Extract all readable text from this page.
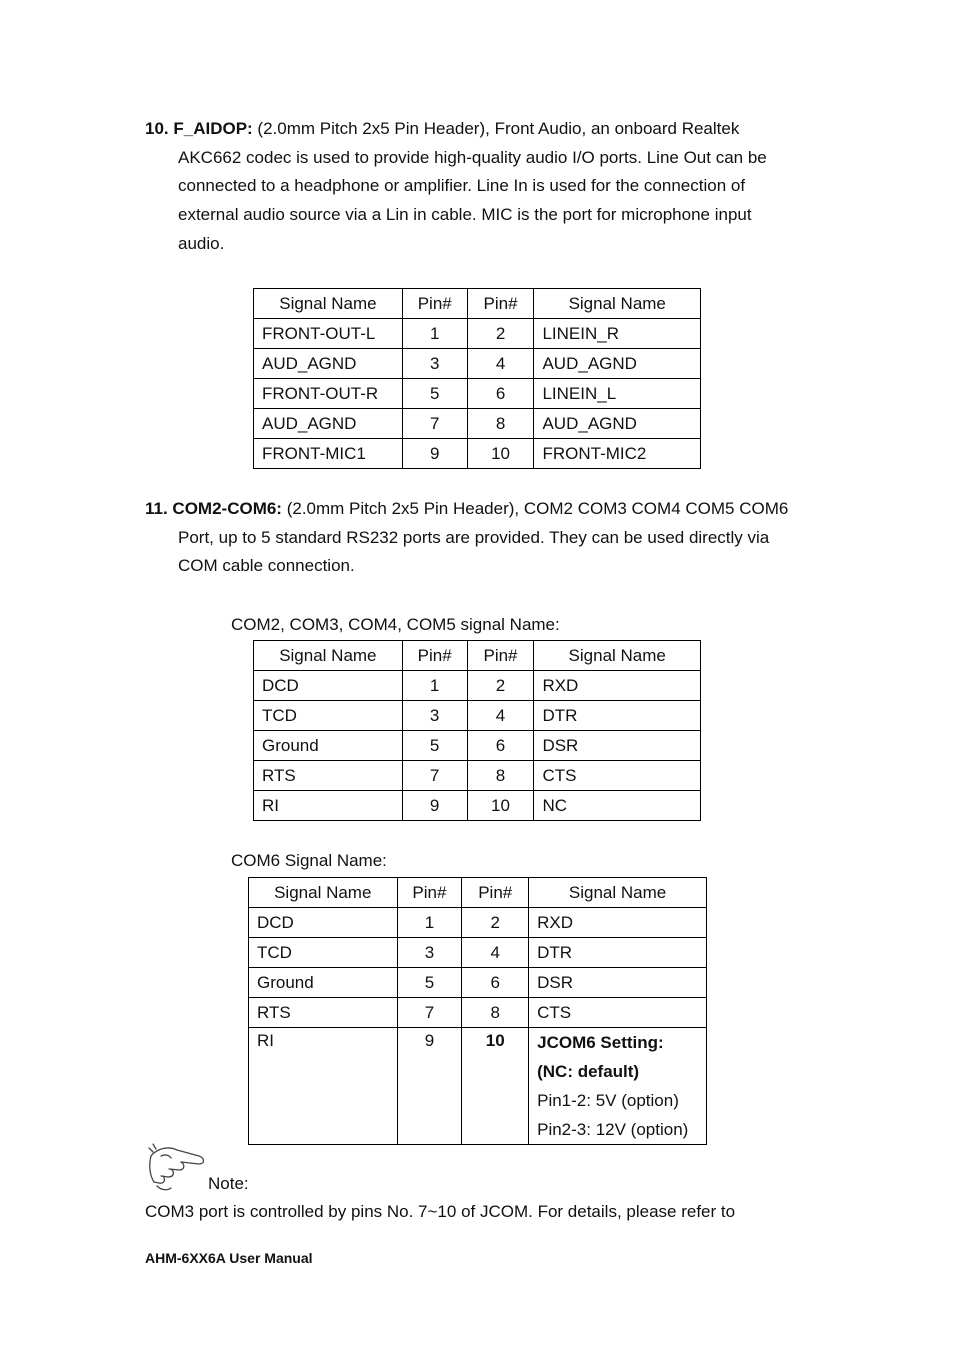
10. F_AIDOP: (2.0mm Pitch 2x5 Pin Header), Front Audio, an onboard Realtek
AKC662 codec is used to provide high-quality audio I/O ports. Line Out can be
connected to a headphone or amplifier. Line In is used for the connection of
external audio source via a Lin in cable. MIC is the port for microphone input
audio.
Signal Name	Pin#	Pin#	Signal Name
FRONT-OUT-L	1	2	LINEIN_R
AUD_AGND	3	4	AUD_AGND
FRONT-OUT-R	5	6	LINEIN_L
AUD_AGND	7	8	AUD_AGND
FRONT-MIC1	9	10	FRONT-MIC2
11. COM2-COM6: (2.0mm Pitch 2x5 Pin Header), COM2 COM3 COM4 COM5 COM6
Port, up to 5 standard RS232 ports are provided. They can be used directly via
COM cable connection.
COM2, COM3, COM4, COM5 signal Name:
Signal Name	Pin#	Pin#	Signal Name
DCD	1	2	RXD
TCD	3	4	DTR
Ground	5	6	DSR
RTS	7	8	CTS
RI	9	10	NC
COM6 Signal Name:
Signal Name	Pin#	Pin#	Signal Name
DCD	1	2	RXD
TCD	3	4	DTR
Ground	5	6	DSR
RTS	7	8	CTS
RI	9	10	JCOM6 Setting:
(NC: default)
Pin1-2: 5V (option)
Pin2-3: 12V (option)
Note:
COM3 port is controlled by pins No. 7~10 of JCOM. For details, please refer to
AHM-6XX6A User Manual
